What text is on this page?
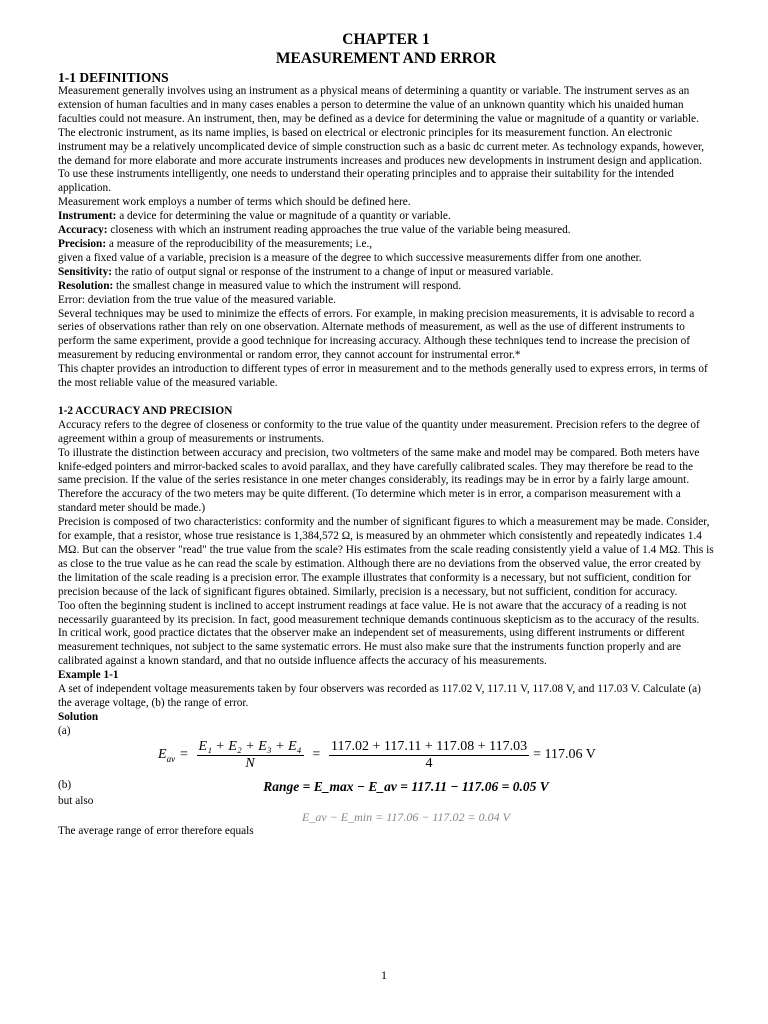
CHAPTER 1
MEASUREMENT AND ERROR
1-1 DEFINITIONS
Measurement generally involves using an instrument as a physical means of determining a quantity or variable. The instrument serves as an extension of human faculties and in many cases enables a person to determine the value of an unknown quantity which his unaided human faculties could not measure. An instrument, then, may be defined as a device for determining the value or magnitude of a quantity or variable. The electronic instrument, as its name implies, is based on electrical or electronic principles for its measurement function. An electronic instrument may be a relatively uncomplicated device of simple construction such as a basic dc current meter. As technology expands, however, the demand for more elaborate and more accurate instruments increases and produces new developments in instrument design and application. To use these instruments intelligently, one needs to understand their operating principles and to appraise their suitability for the intended application.
Measurement work employs a number of terms which should be defined here.
Instrument: a device for determining the value or magnitude of a quantity or variable.
Accuracy: closeness with which an instrument reading approaches the true value of the variable being measured.
Precision: a measure of the reproducibility of the measurements; i.e.,
given a fixed value of a variable, precision is a measure of the degree to which successive measurements differ from one another.
Sensitivity: the ratio of output signal or response of the instrument to a change of input or measured variable.
Resolution: the smallest change in measured value to which the instrument will respond.
Error: deviation from the true value of the measured variable.
Several techniques may be used to minimize the effects of errors. For example, in making precision measurements, it is advisable to record a series of observations rather than rely on one observation. Alternate methods of measurement, as well as the use of different instruments to perform the same experiment, provide a good technique for increasing accuracy. Although these techniques tend to increase the precision of measurement by reducing environmental or random error, they cannot account for instrumental error.*
This chapter provides an introduction to different types of error in measurement and to the methods generally used to express errors, in terms of the most reliable value of the measured variable.
1-2 ACCURACY AND PRECISION
Accuracy refers to the degree of closeness or conformity to the true value of the quantity under measurement. Precision refers to the degree of agreement within a group of measurements or instruments.
To illustrate the distinction between accuracy and precision, two voltmeters of the same make and model may be compared. Both meters have knife-edged pointers and mirror-backed scales to avoid parallax, and they have carefully calibrated scales. They may therefore be read to the same precision. If the value of the series resistance in one meter changes considerably, its readings may be in error by a fairly large amount. Therefore the accuracy of the two meters may be quite different. (To determine which meter is in error, a comparison measurement with a standard meter should be made.)
Precision is composed of two characteristics: conformity and the number of significant figures to which a measurement may be made. Consider, for example, that a resistor, whose true resistance is 1,384,572 Ω, is measured by an ohmmeter which consistently and repeatedly indicates 1.4 MΩ. But can the observer "read" the true value from the scale? His estimates from the scale reading consistently yield a value of 1.4 MΩ. This is as close to the true value as he can read the scale by estimation. Although there are no deviations from the observed value, the error created by the limitation of the scale reading is a precision error. The example illustrates that conformity is a necessary, but not sufficient, condition for precision because of the lack of significant figures obtained. Similarly, precision is a necessary, but not sufficient, condition for accuracy.
Too often the beginning student is inclined to accept instrument readings at face value. He is not aware that the accuracy of a reading is not necessarily guaranteed by its precision. In fact, good measurement technique demands continuous skepticism as to the accuracy of the results.
In critical work, good practice dictates that the observer make an independent set of measurements, using different instruments or different measurement techniques, not subject to the same systematic errors. He must also make sure that the instruments function properly and are calibrated against a known standard, and that no outside influence affects the accuracy of his measurements.
Example 1-1
A set of independent voltage measurements taken by four observers was recorded as 117.02 V, 117.11 V, 117.08 V, and 117.03 V. Calculate (a) the average voltage, (b) the range of error.
Solution
(a)
$E_{av} = \frac{\text{E₁ + E₂ + E₃ + E₄}}{N} = \frac{117.02 + 117.11 + 117.08 + 117.03}{4} = 117.06$ V
(b)	Range = E_max − E_av = 117.11 − 117.06 = 0.05 V
but also
E_av − E_min = 117.06 − 117.02 = 0.04 V
The average range of error therefore equals
1
